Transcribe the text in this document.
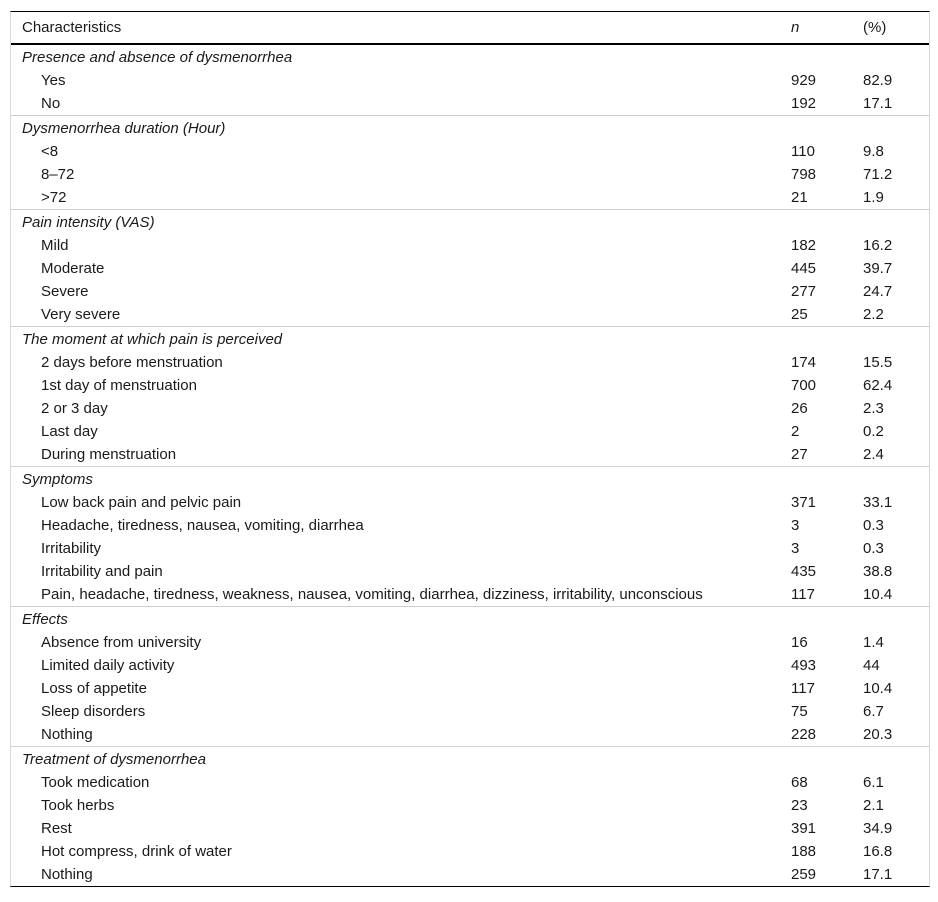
Characteristics	n	(%)
Presence and absence of dysmenorrhea		
Yes	929	82.9
No	192	17.1
Dysmenorrhea duration (Hour)		
<8	110	9.8
8–72	798	71.2
>72	21	1.9
Pain intensity (VAS)		
Mild	182	16.2
Moderate	445	39.7
Severe	277	24.7
Very severe	25	2.2
The moment at which pain is perceived		
2 days before menstruation	174	15.5
1st day of menstruation	700	62.4
2 or 3 day	26	2.3
Last day	2	0.2
During menstruation	27	2.4
Symptoms		
Low back pain and pelvic pain	371	33.1
Headache, tiredness, nausea, vomiting, diarrhea	3	0.3
Irritability	3	0.3
Irritability and pain	435	38.8
Pain, headache, tiredness, weakness, nausea, vomiting, diarrhea, dizziness, irritability, unconscious	117	10.4
Effects		
Absence from university	16	1.4
Limited daily activity	493	44
Loss of appetite	117	10.4
Sleep disorders	75	6.7
Nothing	228	20.3
Treatment of dysmenorrhea		
Took medication	68	6.1
Took herbs	23	2.1
Rest	391	34.9
Hot compress, drink of water	188	16.8
Nothing	259	17.1
